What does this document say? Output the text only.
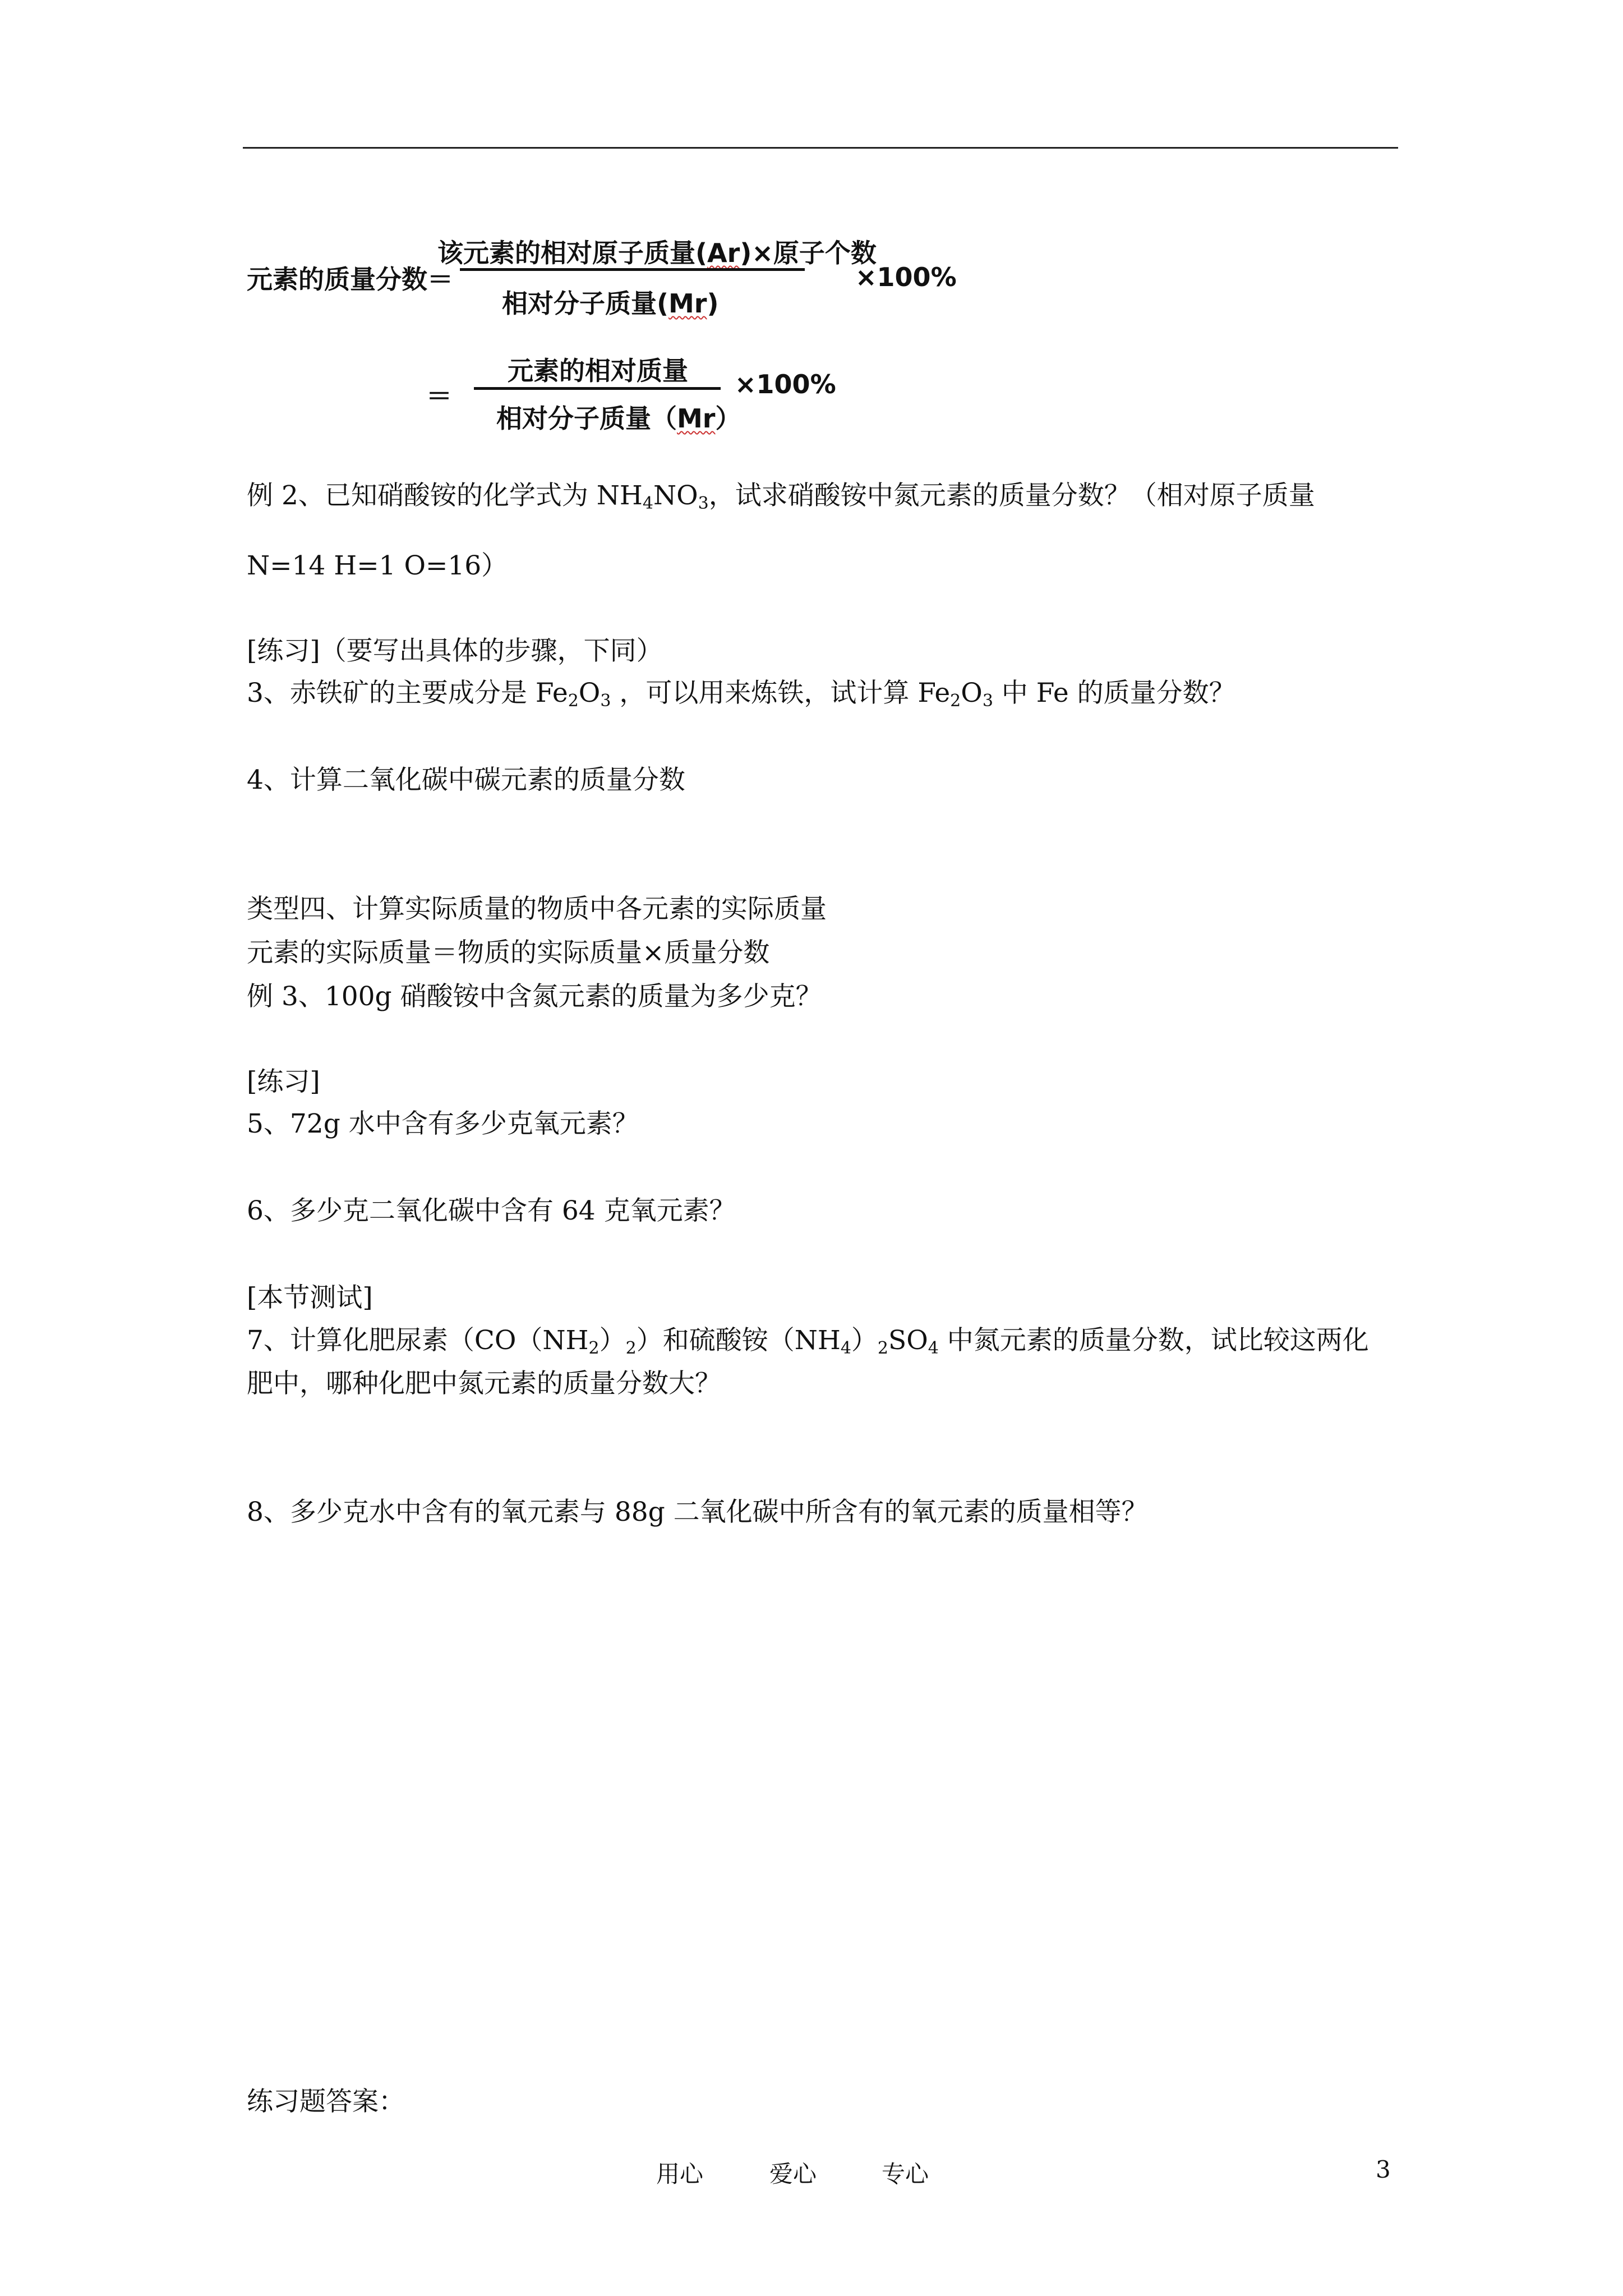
元素的质量分数＝
该元素的相对原子质量(Ar)×原子个数
相对分子质量(Mr)
×100%
＝
元素的相对质量
相对分子质量（Mr）
×100%
例 2、已知硝酸铵的化学式为 $NH_4NO_3$，试求硝酸铵中氮元素的质量分数？（相对原子质量
N=14 H=1 O=16）
[练习]（要写出具体的步骤，下同）
3、赤铁矿的主要成分是 $Fe_2O_3$ ，可以用来炼铁，试计算 $Fe_2O_3$ 中 Fe 的质量分数？
4、计算二氧化碳中碳元素的质量分数
类型四、计算实际质量的物质中各元素的实际质量
元素的实际质量＝物质的实际质量×质量分数
例 3、100g 硝酸铵中含氮元素的质量为多少克？
[练习]
5、72g 水中含有多少克氧元素？
6、多少克二氧化碳中含有 64 克氧元素？
[本节测试]
7、计算化肥尿素$(CO(NH_2)_2)$和硫酸铵$(NH_4)_2SO_4$ 中氮元素的质量分数，试比较这两化
肥中，哪种化肥中氮元素的质量分数大？
8、多少克水中含有的氧元素与 88g 二氧化碳中所含有的氧元素的质量相等？
练习题答案：
用心	爱心	专心	3
